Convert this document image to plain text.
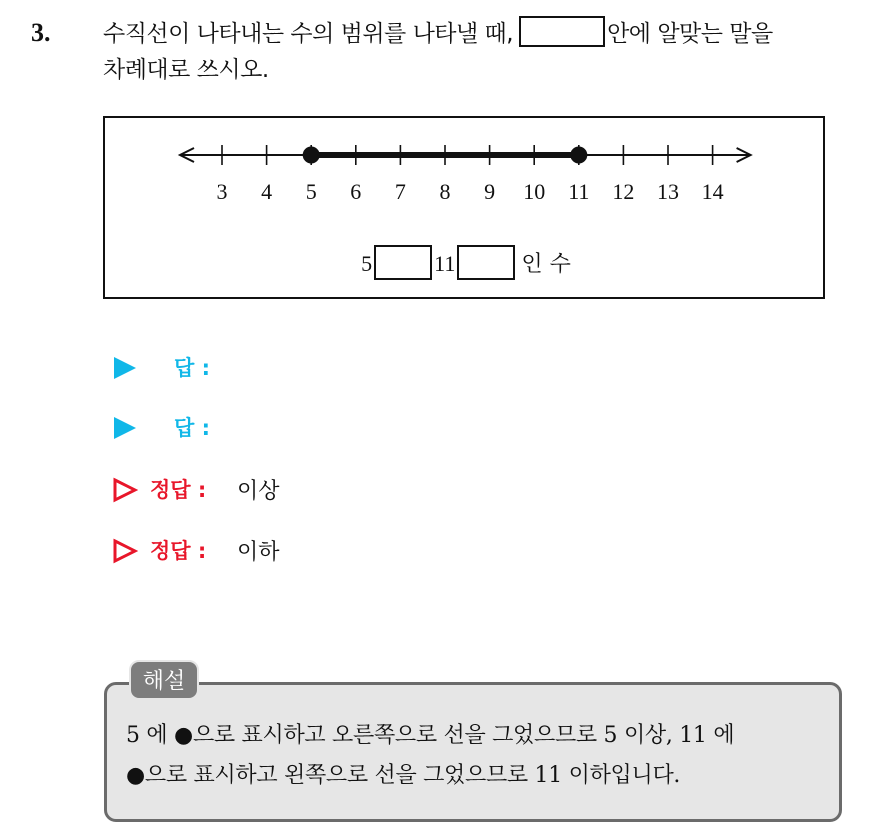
3. 수직선이 나타내는 수의 범위를 나타낼 때,	안에 알맞는 말을
차례대로 쓰시오.
3 4 5 6 7 8 9 10 11 12 13 14
5	11	인 수
답 :
답 :
정답 : 이상
정답 : 이하
해설
5 에 ●으로 표시하고 오른쪽으로 선을 그었으므로 5 이상, 11 에
●으로 표시하고 왼쪽으로 선을 그었으므로 11 이하입니다.
